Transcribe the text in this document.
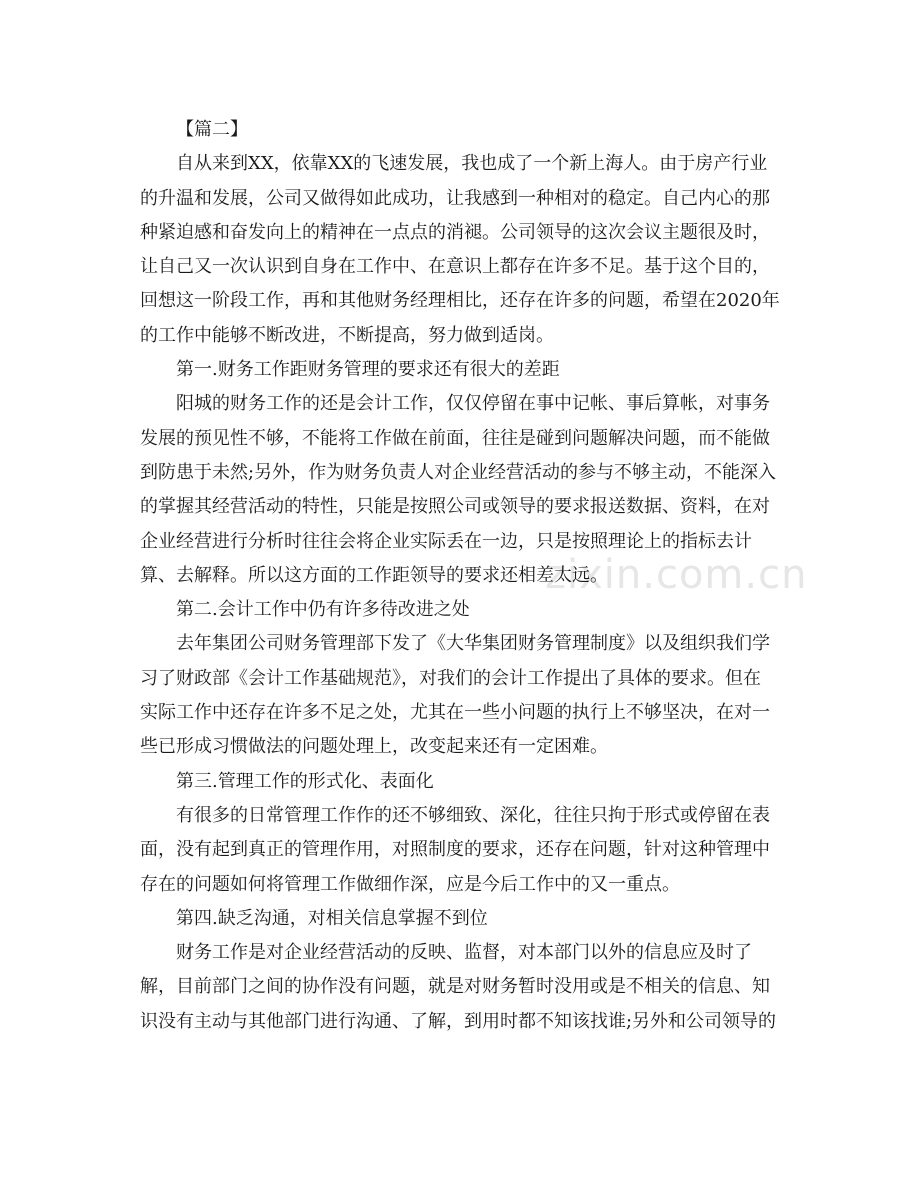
zixin.com.cn
【篇二】
自从来到XX，依靠XX的飞速发展，我也成了一个新上海人。由于房产行业
的升温和发展，公司又做得如此成功，让我感到一种相对的稳定。自己内心的那
种紧迫感和奋发向上的精神在一点点的消褪。公司领导的这次会议主题很及时，
让自己又一次认识到自身在工作中、在意识上都存在许多不足。基于这个目的，
回想这一阶段工作，再和其他财务经理相比，还存在许多的问题，希望在2020年
的工作中能够不断改进，不断提高，努力做到适岗。
第一.财务工作距财务管理的要求还有很大的差距
阳城的财务工作的还是会计工作，仅仅停留在事中记帐、事后算帐，对事务
发展的预见性不够，不能将工作做在前面，往往是碰到问题解决问题，而不能做
到防患于未然;另外，作为财务负责人对企业经营活动的参与不够主动，不能深入
的掌握其经营活动的特性，只能是按照公司或领导的要求报送数据、资料，在对
企业经营进行分析时往往会将企业实际丢在一边，只是按照理论上的指标去计
算、去解释。所以这方面的工作距领导的要求还相差太远。
第二.会计工作中仍有许多待改进之处
去年集团公司财务管理部下发了《大华集团财务管理制度》以及组织我们学
习了财政部《会计工作基础规范》，对我们的会计工作提出了具体的要求。但在
实际工作中还存在许多不足之处，尤其在一些小问题的执行上不够坚决，在对一
些已形成习惯做法的问题处理上，改变起来还有一定困难。
第三.管理工作的形式化、表面化
有很多的日常管理工作作的还不够细致、深化，往往只拘于形式或停留在表
面，没有起到真正的管理作用，对照制度的要求，还存在问题，针对这种管理中
存在的问题如何将管理工作做细作深，应是今后工作中的又一重点。
第四.缺乏沟通，对相关信息掌握不到位
财务工作是对企业经营活动的反映、监督，对本部门以外的信息应及时了
解，目前部门之间的协作没有问题，就是对财务暂时没用或是不相关的信息、知
识没有主动与其他部门进行沟通、了解，到用时都不知该找谁;另外和公司领导的
